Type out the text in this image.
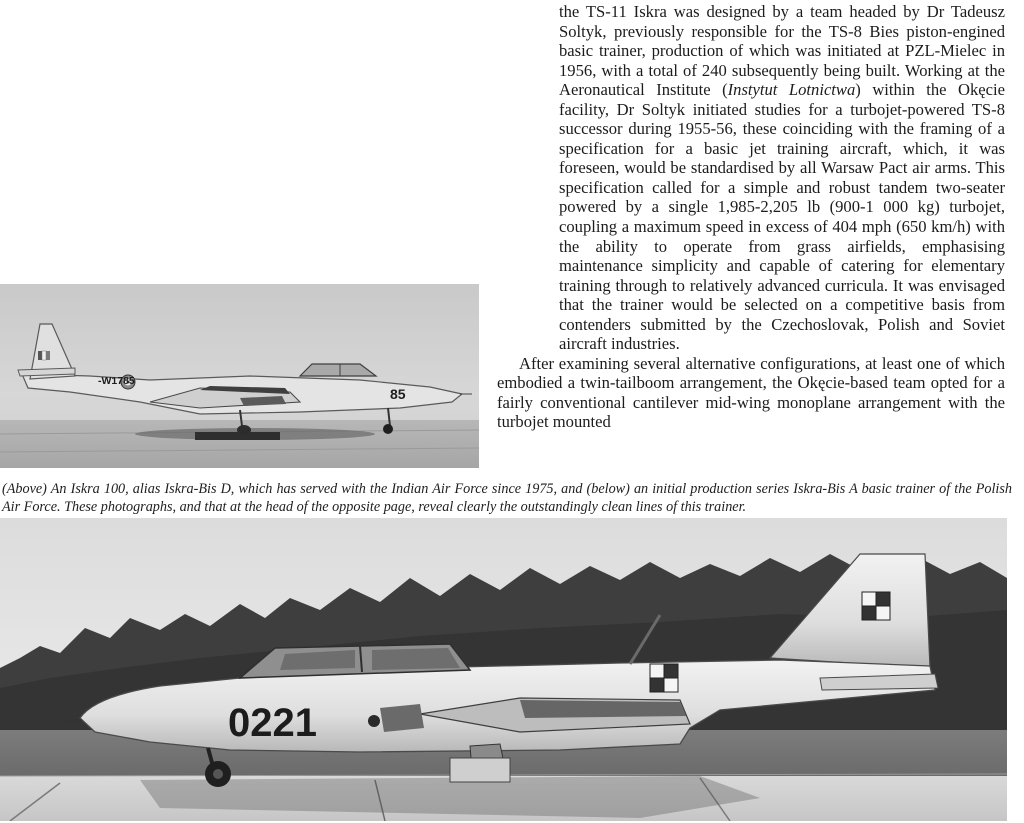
the TS-11 Iskra was designed by a team headed by Dr Tadeusz Soltyk, previously responsible for the TS-8 Bies piston-engined basic trainer, production of which was initiated at PZL-Mielec in 1956, with a total of 240 subsequently being built. Working at the Aeronautical Institute (Instytut Lotnictwa) within the Okęcie facility, Dr Soltyk initiated studies for a turbojet-powered TS-8 successor during 1955-56, these coinciding with the framing of a specification for a basic jet training aircraft, which, it was foreseen, would be standardised by all Warsaw Pact air arms. This specification called for a simple and robust tandem two-seater powered by a single 1,985-2,205 lb (900-1 000 kg) turbojet, coupling a maximum speed in excess of 404 mph (650 km/h) with the ability to operate from grass airfields, emphasising maintenance simplicity and capable of catering for elementary training through to relatively advanced curricula. It was envisaged that the trainer would be selected on a competitive basis from contenders submitted by the Czechoslovak, Polish and Soviet aircraft industries.

After examining several alternative configurations, at least one of which embodied a twin-tailboom arrangement, the Okęcie-based team opted for a fairly conventional cantilever mid-wing monoplane arrangement with the turbojet mounted

-W1785
85
(Above) An Iskra 100, alias Iskra-Bis D, which has served with the Indian Air Force since 1975, and (below) an initial production series Iskra-Bis A basic trainer of the Polish Air Force. These photographs, and that at the head of the opposite page, reveal clearly the outstandingly clean lines of this trainer.
0221
